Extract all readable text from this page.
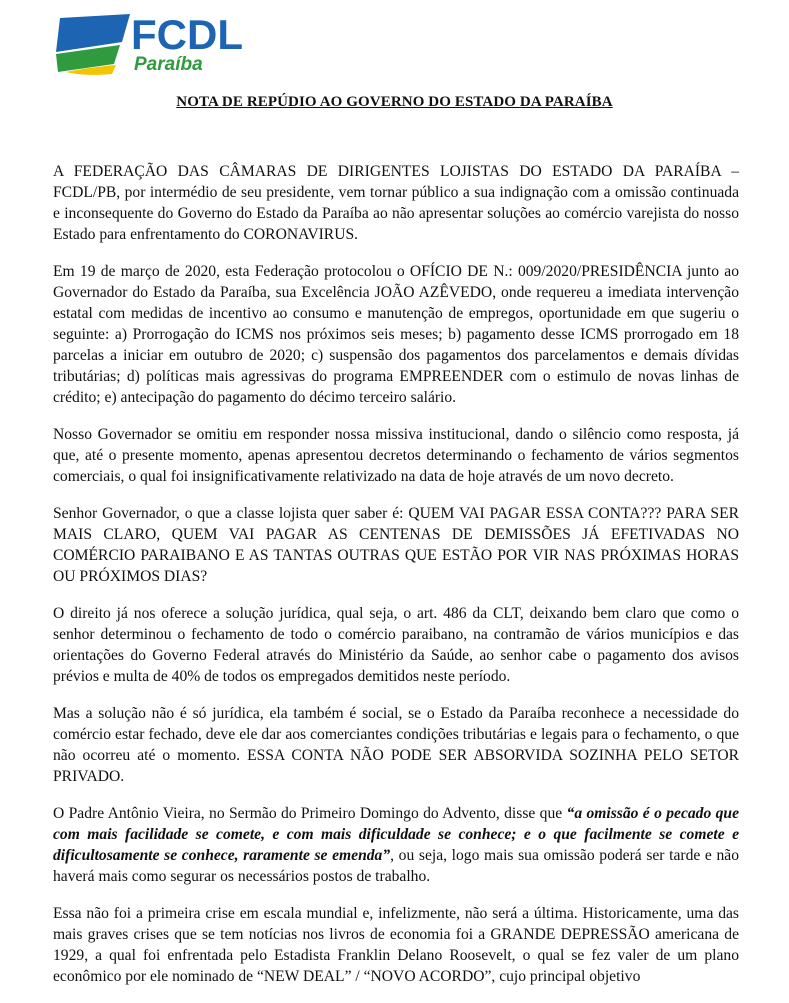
FCDL
Paraíba
NOTA DE REPÚDIO AO GOVERNO DO ESTADO DA PARAÍBA

A FEDERAÇÃO DAS CÂMARAS DE DIRIGENTES LOJISTAS DO ESTADO DA PARAÍBA – FCDL/PB, por intermédio de seu presidente, vem tornar público a sua indignação com a omissão continuada e inconsequente do Governo do Estado da Paraíba ao não apresentar soluções ao comércio varejista do nosso Estado para enfrentamento do CORONAVIRUS.

Em 19 de março de 2020, esta Federação protocolou o OFÍCIO DE N.: 009/2020/PRESIDÊNCIA junto ao Governador do Estado da Paraíba, sua Excelência JOÃO AZÊVEDO, onde requereu a imediata intervenção estatal com medidas de incentivo ao consumo e manutenção de empregos, oportunidade em que sugeriu o seguinte: a) Prorrogação do ICMS nos próximos seis meses; b) pagamento desse ICMS prorrogado em 18 parcelas a iniciar em outubro de 2020; c) suspensão dos pagamentos dos parcelamentos e demais dívidas tributárias; d) políticas mais agressivas do programa EMPREENDER com o estimulo de novas linhas de crédito; e) antecipação do pagamento do décimo terceiro salário.

Nosso Governador se omitiu em responder nossa missiva institucional, dando o silêncio como resposta, já que, até o presente momento, apenas apresentou decretos determinando o fechamento de vários segmentos comerciais, o qual foi insignificativamente relativizado na data de hoje através de um novo decreto.

Senhor Governador, o que a classe lojista quer saber é: QUEM VAI PAGAR ESSA CONTA??? PARA SER MAIS CLARO, QUEM VAI PAGAR AS CENTENAS DE DEMISSÕES JÁ EFETIVADAS NO COMÉRCIO PARAIBANO E AS TANTAS OUTRAS QUE ESTÃO POR VIR NAS PRÓXIMAS HORAS OU PRÓXIMOS DIAS?

O direito já nos oferece a solução jurídica, qual seja, o art. 486 da CLT, deixando bem claro que como o senhor determinou o fechamento de todo o comércio paraibano, na contramão de vários municípios e das orientações do Governo Federal através do Ministério da Saúde, ao senhor cabe o pagamento dos avisos prévios e multa de 40% de todos os empregados demitidos neste período.

Mas a solução não é só jurídica, ela também é social, se o Estado da Paraíba reconhece a necessidade do comércio estar fechado, deve ele dar aos comerciantes condições tributárias e legais para o fechamento, o que não ocorreu até o momento. ESSA CONTA NÃO PODE SER ABSORVIDA SOZINHA PELO SETOR PRIVADO.

O Padre Antônio Vieira, no Sermão do Primeiro Domingo do Advento, disse que “a omissão é o pecado que com mais facilidade se comete, e com mais dificuldade se conhece; e o que facilmente se comete e dificultosamente se conhece, raramente se emenda”, ou seja, logo mais sua omissão poderá ser tarde e não haverá mais como segurar os necessários postos de trabalho.

Essa não foi a primeira crise em escala mundial e, infelizmente, não será a última. Historicamente, uma das mais graves crises que se tem notícias nos livros de economia foi a GRANDE DEPRESSÃO americana de 1929, a qual foi enfrentada pelo Estadista Franklin Delano Roosevelt, o qual se fez valer de um plano econômico por ele nominado de “NEW DEAL” / “NOVO ACORDO”, cujo principal objetivo
